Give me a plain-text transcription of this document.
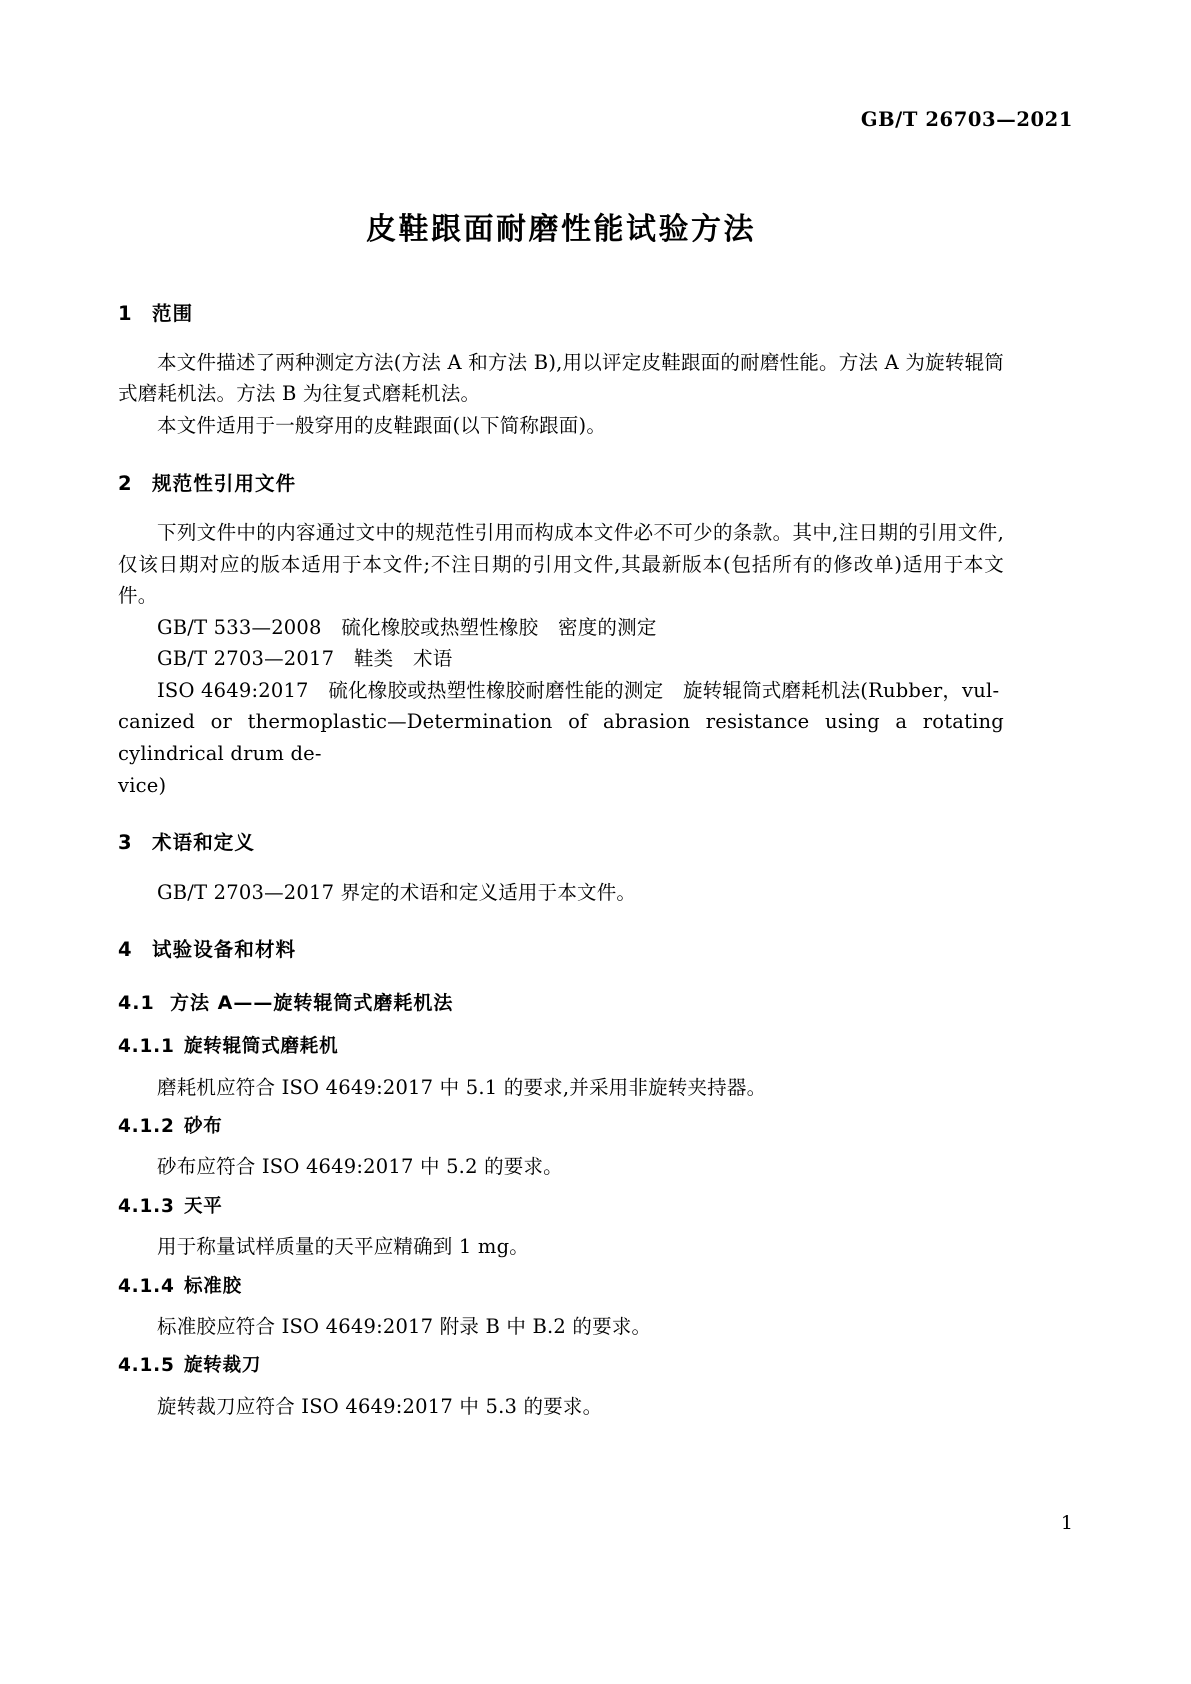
GB/T 26703—2021
皮鞋跟面耐磨性能试验方法
1 范围

本文件描述了两种测定方法(方法 A 和方法 B),用以评定皮鞋跟面的耐磨性能。方法 A 为旋转辊筒式磨耗机法。方法 B 为往复式磨耗机法。

本文件适用于一般穿用的皮鞋跟面(以下简称跟面)。

2 规范性引用文件

下列文件中的内容通过文中的规范性引用而构成本文件必不可少的条款。其中,注日期的引用文件,仅该日期对应的版本适用于本文件;不注日期的引用文件,其最新版本(包括所有的修改单)适用于本文件。

GB/T 533—2008　硫化橡胶或热塑性橡胶　密度的测定

GB/T 2703—2017　鞋类　术语

ISO 4649:2017　硫化橡胶或热塑性橡胶耐磨性能的测定　旋转辊筒式磨耗机法(Rubber，vul-

canized or thermoplastic—Determination of abrasion resistance using a rotating cylindrical drum de-

vice)

3 术语和定义

GB/T 2703—2017 界定的术语和定义适用于本文件。

4 试验设备和材料
4.1 方法 A——旋转辊筒式磨耗机法
4.1.1 旋转辊筒式磨耗机

磨耗机应符合 ISO 4649:2017 中 5.1 的要求,并采用非旋转夹持器。

4.1.2 砂布

砂布应符合 ISO 4649:2017 中 5.2 的要求。

4.1.3 天平

用于称量试样质量的天平应精确到 1 mg。

4.1.4 标准胶

标准胶应符合 ISO 4649:2017 附录 B 中 B.2 的要求。

4.1.5 旋转裁刀

旋转裁刀应符合 ISO 4649:2017 中 5.3 的要求。

1
